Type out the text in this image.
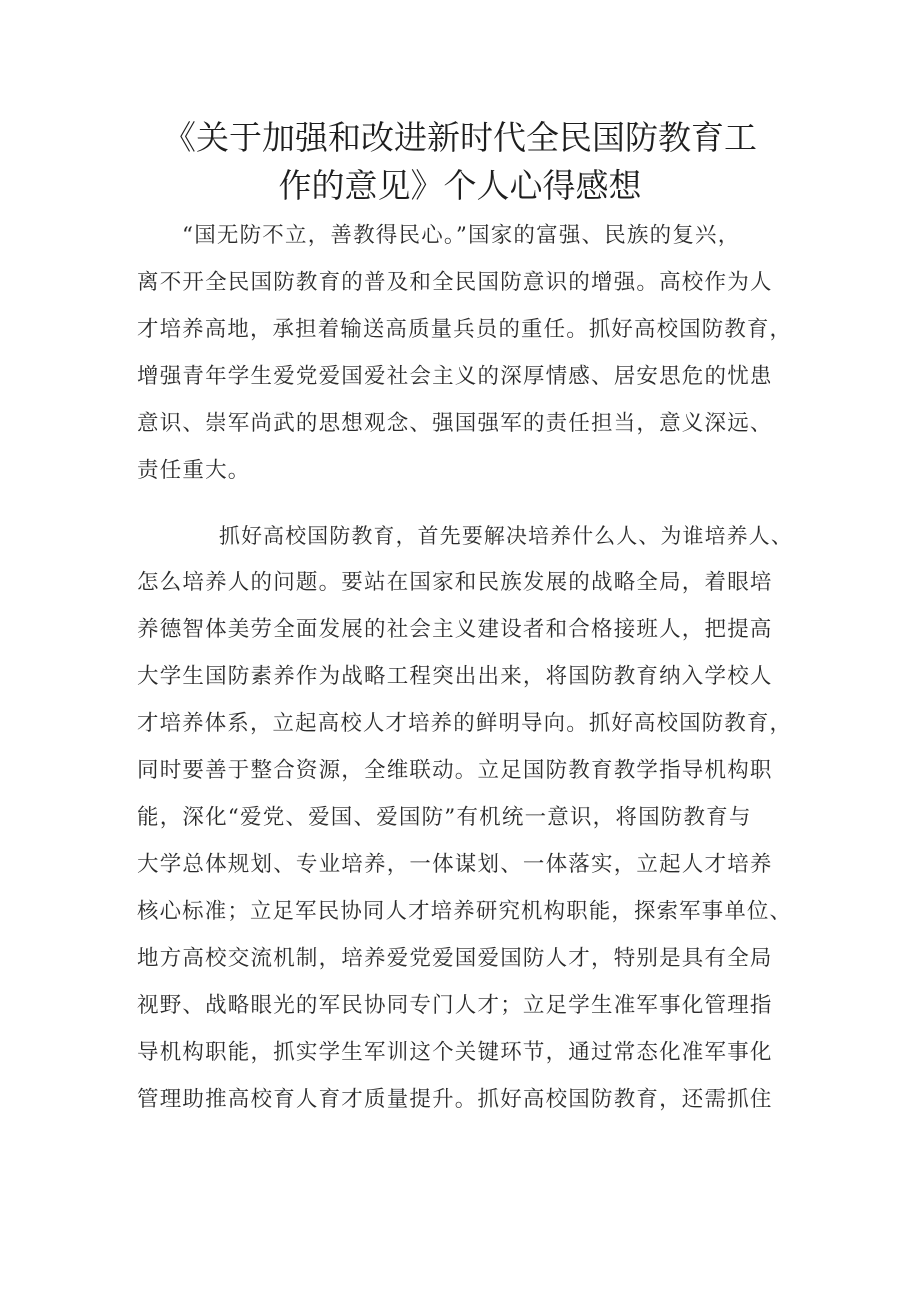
《关于加强和改进新时代全民国防教育工
作的意见》个人心得感想
“国无防不立，善教得民心。”国家的富强、民族的复兴，
离不开全民国防教育的普及和全民国防意识的增强。高校作为人
才培养高地，承担着输送高质量兵员的重任。抓好高校国防教育，
增强青年学生爱党爱国爱社会主义的深厚情感、居安思危的忧患
意识、崇军尚武的思想观念、强国强军的责任担当，意义深远、
责任重大。
抓好高校国防教育，首先要解决培养什么人、为谁培养人、
怎么培养人的问题。要站在国家和民族发展的战略全局，着眼培
养德智体美劳全面发展的社会主义建设者和合格接班人，把提高
大学生国防素养作为战略工程突出出来，将国防教育纳入学校人
才培养体系，立起高校人才培养的鲜明导向。抓好高校国防教育，
同时要善于整合资源，全维联动。立足国防教育教学指导机构职
能，深化“爱党、爱国、爱国防”有机统一意识，将国防教育与
大学总体规划、专业培养，一体谋划、一体落实，立起人才培养
核心标准；立足军民协同人才培养研究机构职能，探索军事单位、
地方高校交流机制，培养爱党爱国爱国防人才，特别是具有全局
视野、战略眼光的军民协同专门人才；立足学生准军事化管理指
导机构职能，抓实学生军训这个关键环节，通过常态化准军事化
管理助推高校育人育才质量提升。抓好高校国防教育，还需抓住
